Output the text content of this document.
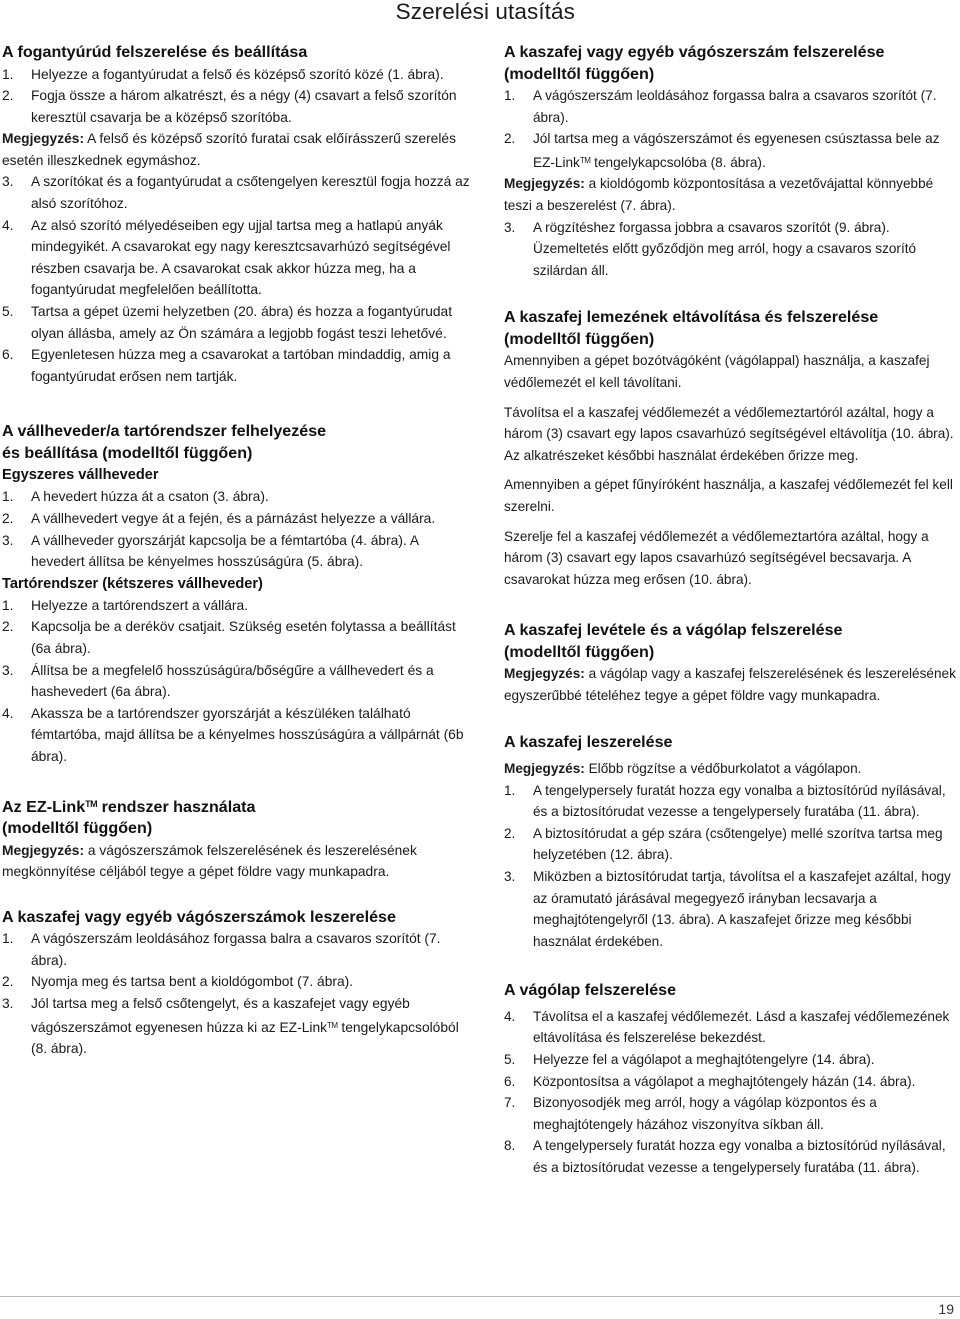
Szerelési utasítás

A fogantyúrúd felszerelése és beállítása

1. Helyezze a fogantyúrudat a felső és középső szorító közé (1. ábra).

2. Fogja össze a három alkatrészt, és a négy (4) csavart a felső szorítón keresztül csavarja be a középső szorítóba.

Megjegyzés: A felső és középső szorító furatai csak előírásszerű szerelés esetén illeszkednek egymáshoz.

3. A szorítókat és a fogantyúrudat a csőtengelyen keresztül fogja hozzá az alsó szorítóhoz.

4. Az alsó szorító mélyedéseiben egy ujjal tartsa meg a hatlapú anyák mindegyikét. A csavarokat egy nagy keresztcsavarhúzó segítségével részben csavarja be. A csavarokat csak akkor húzza meg, ha a fogantyúrudat megfelelően beállította.

5. Tartsa a gépet üzemi helyzetben (20. ábra) és hozza a fogantyúrudat olyan állásba, amely az Ön számára a legjobb fogást teszi lehetővé.

6. Egyenletesen húzza meg a csavarokat a tartóban mindaddig, amig a fogantyúrudat erősen nem tartják.

A vállheveder/a tartórendszer felhelyezése
és beállítása (modelltől függően)

Egyszeres vállheveder

1. A hevedert húzza át a csaton (3. ábra).

2. A vállhevedert vegye át a fején, és a párnázást helyezze a vállára.

3. A vállheveder gyorszárját kapcsolja be a fémtartóba (4. ábra). A hevedert állítsa be kényelmes hosszúságúra (5. ábra).

Tartórendszer (kétszeres vállheveder)

1. Helyezze a tartórendszert a vállára.

2. Kapcsolja be a deréköv csatjait. Szükség esetén folytassa a beállítást (6a ábra).

3. Állítsa be a megfelelő hosszúságúra/bőségűre a vállhevedert és a hashevedert (6a ábra).

4. Akassza be a tartórendszer gyorszárját a készüléken található fémtartóba, majd állítsa be a kényelmes hosszúságúra a vállpárnát (6b ábra).

Az EZ-Link™ rendszer használata
(modelltől függően)

Megjegyzés: a vágószerszámok felszerelésének és leszerelésének megkönnyítése céljából tegye a gépet földre vagy munkapadra.

A kaszafej vagy egyéb vágószerszámok leszerelése

1. A vágószerszám leoldásához forgassa balra a csavaros szorítót (7. ábra).

2. Nyomja meg és tartsa bent a kioldógombot (7. ábra).

3. Jól tartsa meg a felső csőtengelyt, és a kaszafejet vagy egyéb vágószerszámot egyenesen húzza ki az EZ-Link™ tengelykapcsolóból (8. ábra).

A kaszafej vagy egyéb vágószerszám felszerelése
(modelltől függően)

1. A vágószerszám leoldásához forgassa balra a csavaros szorítót (7. ábra).

2. Jól tartsa meg a vágószerszámot és egyenesen csúsztassa bele az EZ-Link™ tengelykapcsolóba (8. ábra).

Megjegyzés: a kioldógomb központosítása a vezetővájattal könnyebbé teszi a beszerelést (7. ábra).

3. A rögzítéshez forgassa jobbra a csavaros szorítót (9. ábra). Üzemeltetés előtt győződjön meg arról, hogy a csavaros szorító szilárdan áll.

A kaszafej lemezének eltávolítása és felszerelése
(modelltől függően)

Amennyiben a gépet bozótvágóként (vágólappal) használja, a kaszafej védőlemezét el kell távolítani.

Távolítsa el a kaszafej védőlemezét a védőlemeztartóról azáltal, hogy a három (3) csavart egy lapos csavarhúzó segítségével eltávolítja (10. ábra). Az alkatrészeket későbbi használat érdekében őrizze meg.

Amennyiben a gépet fűnyíróként használja, a kaszafej védőlemezét fel kell szerelni.

Szerelje fel a kaszafej védőlemezét a védőlemeztartóra azáltal, hogy a három (3) csavart egy lapos csavarhúzó segítségével becsavarja. A csavarokat húzza meg erősen (10. ábra).

A kaszafej levétele és a vágólap felszerelése
(modelltől függően)

Megjegyzés: a vágólap vagy a kaszafej felszerelésének és leszerelésének egyszerűbbé tételéhez tegye a gépet földre vagy munkapadra.

A kaszafej leszerelése

Megjegyzés: Előbb rögzítse a védőburkolatot a vágólapon.

1. A tengelypersely furatát hozza egy vonalba a biztosítórúd nyílásával, és a biztosítórudat vezesse a tengelypersely furatába (11. ábra).

2. A biztosítórudat a gép szára (csőtengelye) mellé szorítva tartsa meg helyzetében (12. ábra).

3. Miközben a biztosítórudat tartja, távolítsa el a kaszafejet azáltal, hogy az óramutató járásával megegyező irányban lecsavarja a meghajtótengelyről (13. ábra). A kaszafejet őrizze meg későbbi használat érdekében.

A vágólap felszerelése

4. Távolítsa el a kaszafej védőlemezét. Lásd a kaszafej védőlemezének eltávolítása és felszerelése bekezdést.

5. Helyezze fel a vágólapot a meghajtótengelyre (14. ábra).

6. Központosítsa a vágólapot a meghajtótengely házán (14. ábra).

7. Bizonyosodjék meg arról, hogy a vágólap központos és a meghajtótengely házához viszonyítva síkban áll.

8. A tengelypersely furatát hozza egy vonalba a biztosítórúd nyílásával, és a biztosítórudat vezesse a tengelypersely furatába (11. ábra).

19
